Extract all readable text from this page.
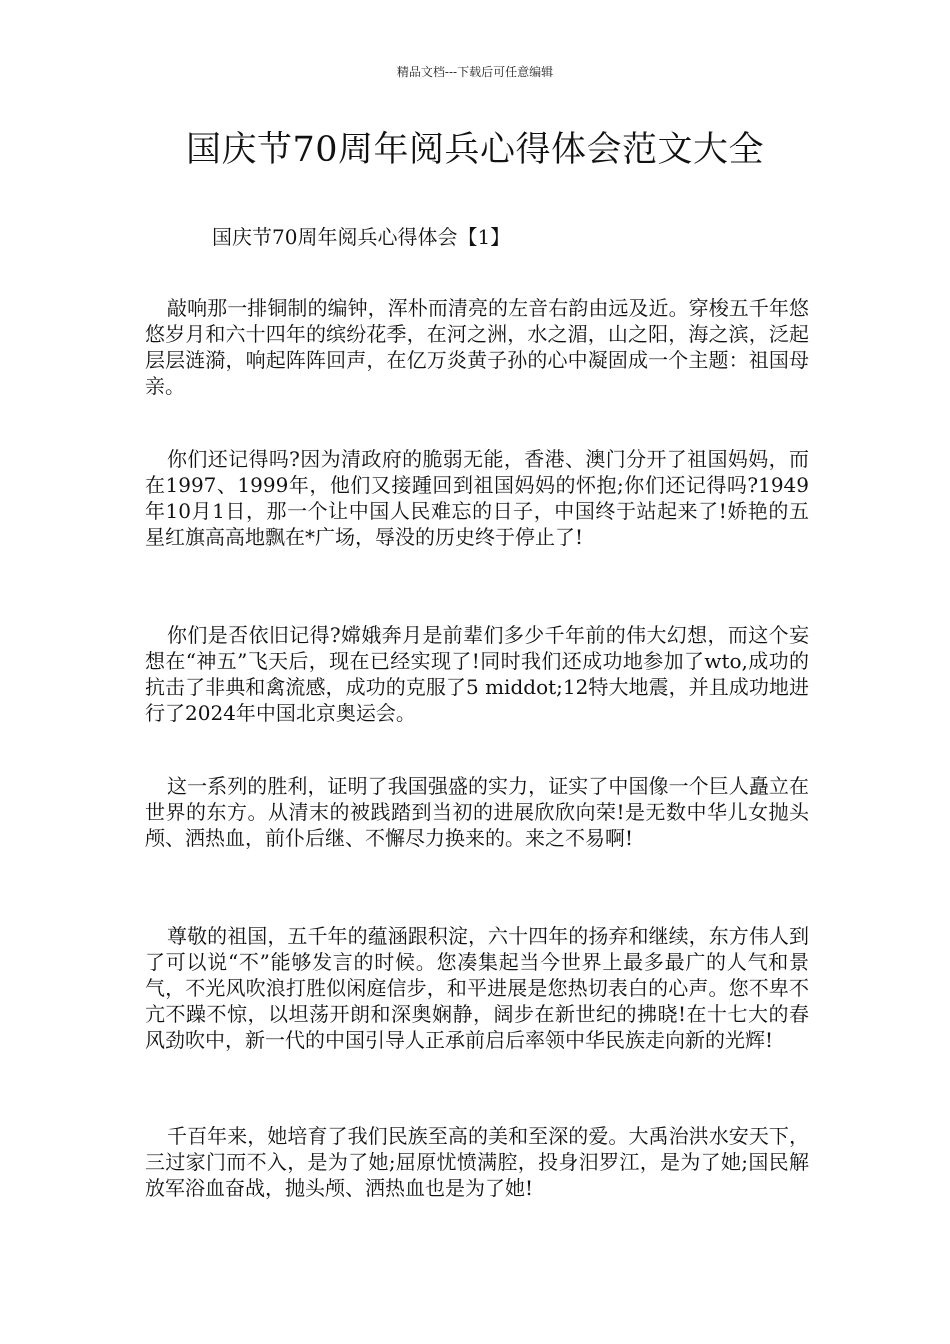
精品文档---下载后可任意编辑
国庆节70周年阅兵心得体会范文大全
国庆节70周年阅兵心得体会【1】

敲响那一排铜制的编钟，浑朴而清亮的左音右韵由远及近。穿梭五千年悠悠岁月和六十四年的缤纷花季，在河之洲，水之湄，山之阳，海之滨，泛起层层涟漪，响起阵阵回声，在亿万炎黄子孙的心中凝固成一个主题：祖国母亲。

你们还记得吗?因为清政府的脆弱无能，香港、澳门分开了祖国妈妈，而在1997、1999年，他们又接踵回到祖国妈妈的怀抱;你们还记得吗?1949年10月1日，那一个让中国人民难忘的日子，中国终于站起来了!娇艳的五星红旗高高地飘在*广场，辱没的历史终于停止了!

你们是否依旧记得?嫦娥奔月是前辈们多少千年前的伟大幻想，而这个妄想在“神五”飞天后，现在已经实现了!同时我们还成功地参加了wto,成功的抗击了非典和禽流感，成功的克服了5 middot;12特大地震，并且成功地进行了2024年中国北京奥运会。

这一系列的胜利，证明了我国强盛的实力，证实了中国像一个巨人矗立在世界的东方。从清末的被践踏到当初的进展欣欣向荣!是无数中华儿女抛头颅、洒热血，前仆后继、不懈尽力换来的。来之不易啊!

尊敬的祖国，五千年的蕴涵跟积淀，六十四年的扬弃和继续，东方伟人到了可以说“不”能够发言的时候。您凑集起当今世界上最多最广的人气和景气，不光风吹浪打胜似闲庭信步，和平进展是您热切表白的心声。您不卑不亢不躁不惊，以坦荡开朗和深奥娴静，阔步在新世纪的拂晓!在十七大的春风劲吹中，新一代的中国引导人正承前启后率领中华民族走向新的光辉!

千百年来，她培育了我们民族至高的美和至深的爱。大禹治洪水安天下，三过家门而不入，是为了她;屈原忧愤满腔，投身汨罗江，是为了她;国民解放军浴血奋战，抛头颅、洒热血也是为了她!
